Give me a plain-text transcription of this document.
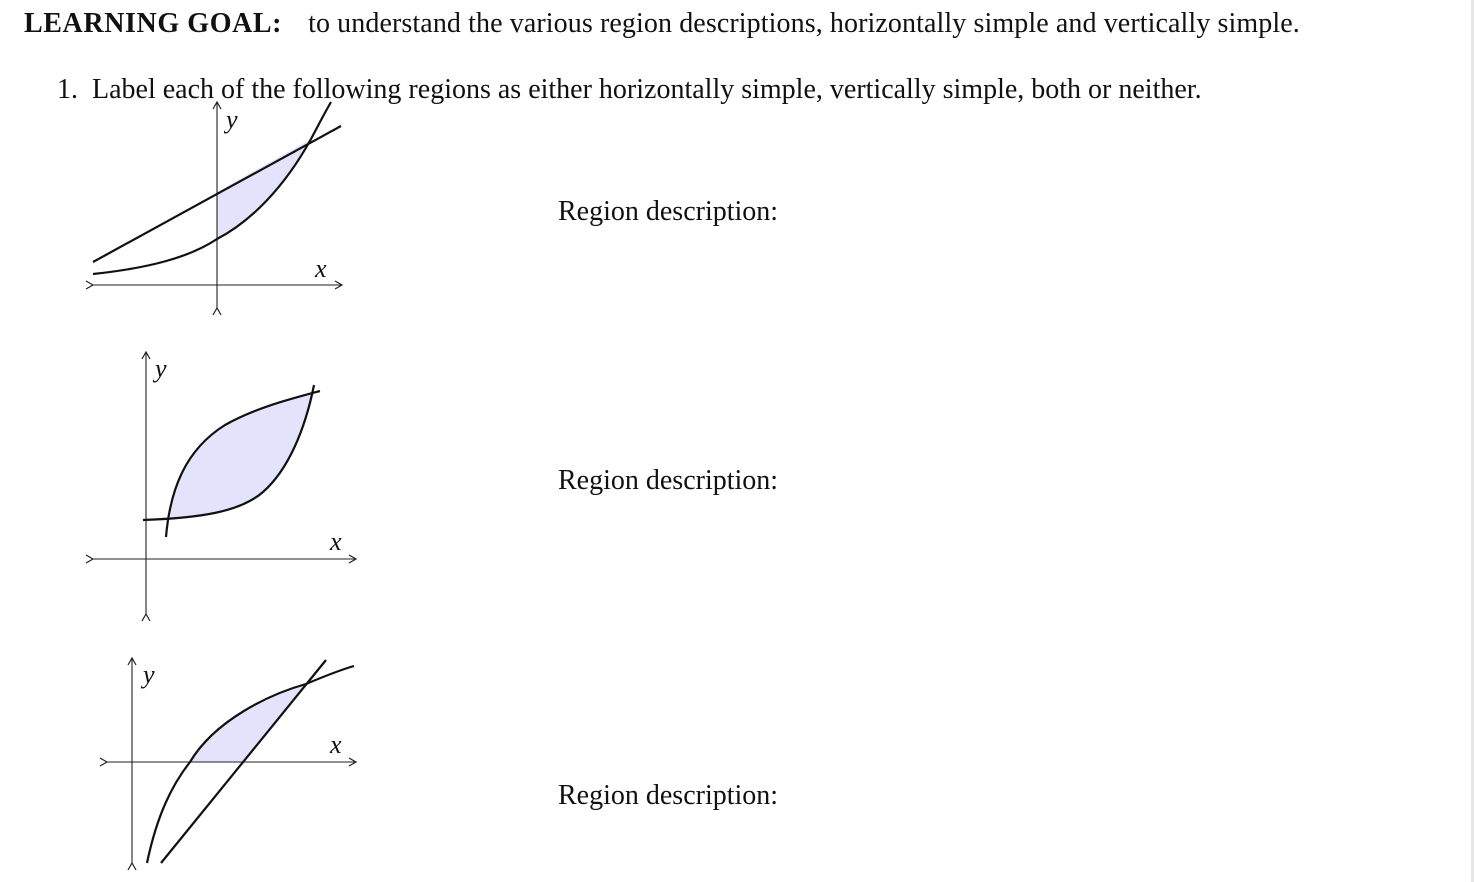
LEARNING GOAL: to understand the various region descriptions, horizontally simple and vertically simple.
1. Label each of the following regions as either horizontally simple, vertically simple, both or neither.
x
y
x
y
x
y
Region description:
Region description:
Region description:
